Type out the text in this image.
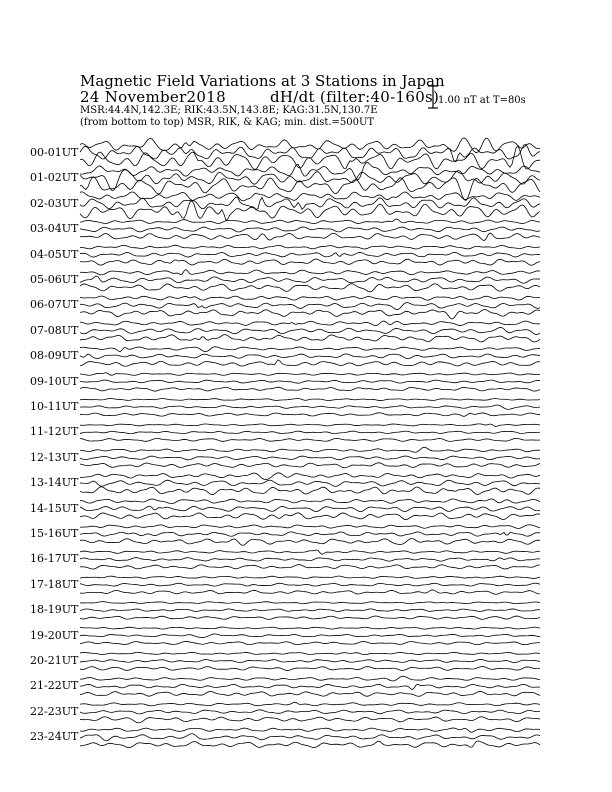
Magnetic Field Variations at 3 Stations in Japan
24 November2018	dH/dt (filter:40-160s)
MSR:44.4N,142.3E; RIK:43.5N,143.8E; KAG:31.5N,130.7E
(from bottom to top) MSR, RIK, & KAG; min. dist.=500UT
1.00 nT at T=80s
00-01UT
01-02UT
02-03UT
03-04UT
04-05UT
05-06UT
06-07UT
07-08UT
08-09UT
09-10UT
10-11UT
11-12UT
12-13UT
13-14UT
14-15UT
15-16UT
16-17UT
17-18UT
18-19UT
19-20UT
20-21UT
21-22UT
22-23UT
23-24UT
